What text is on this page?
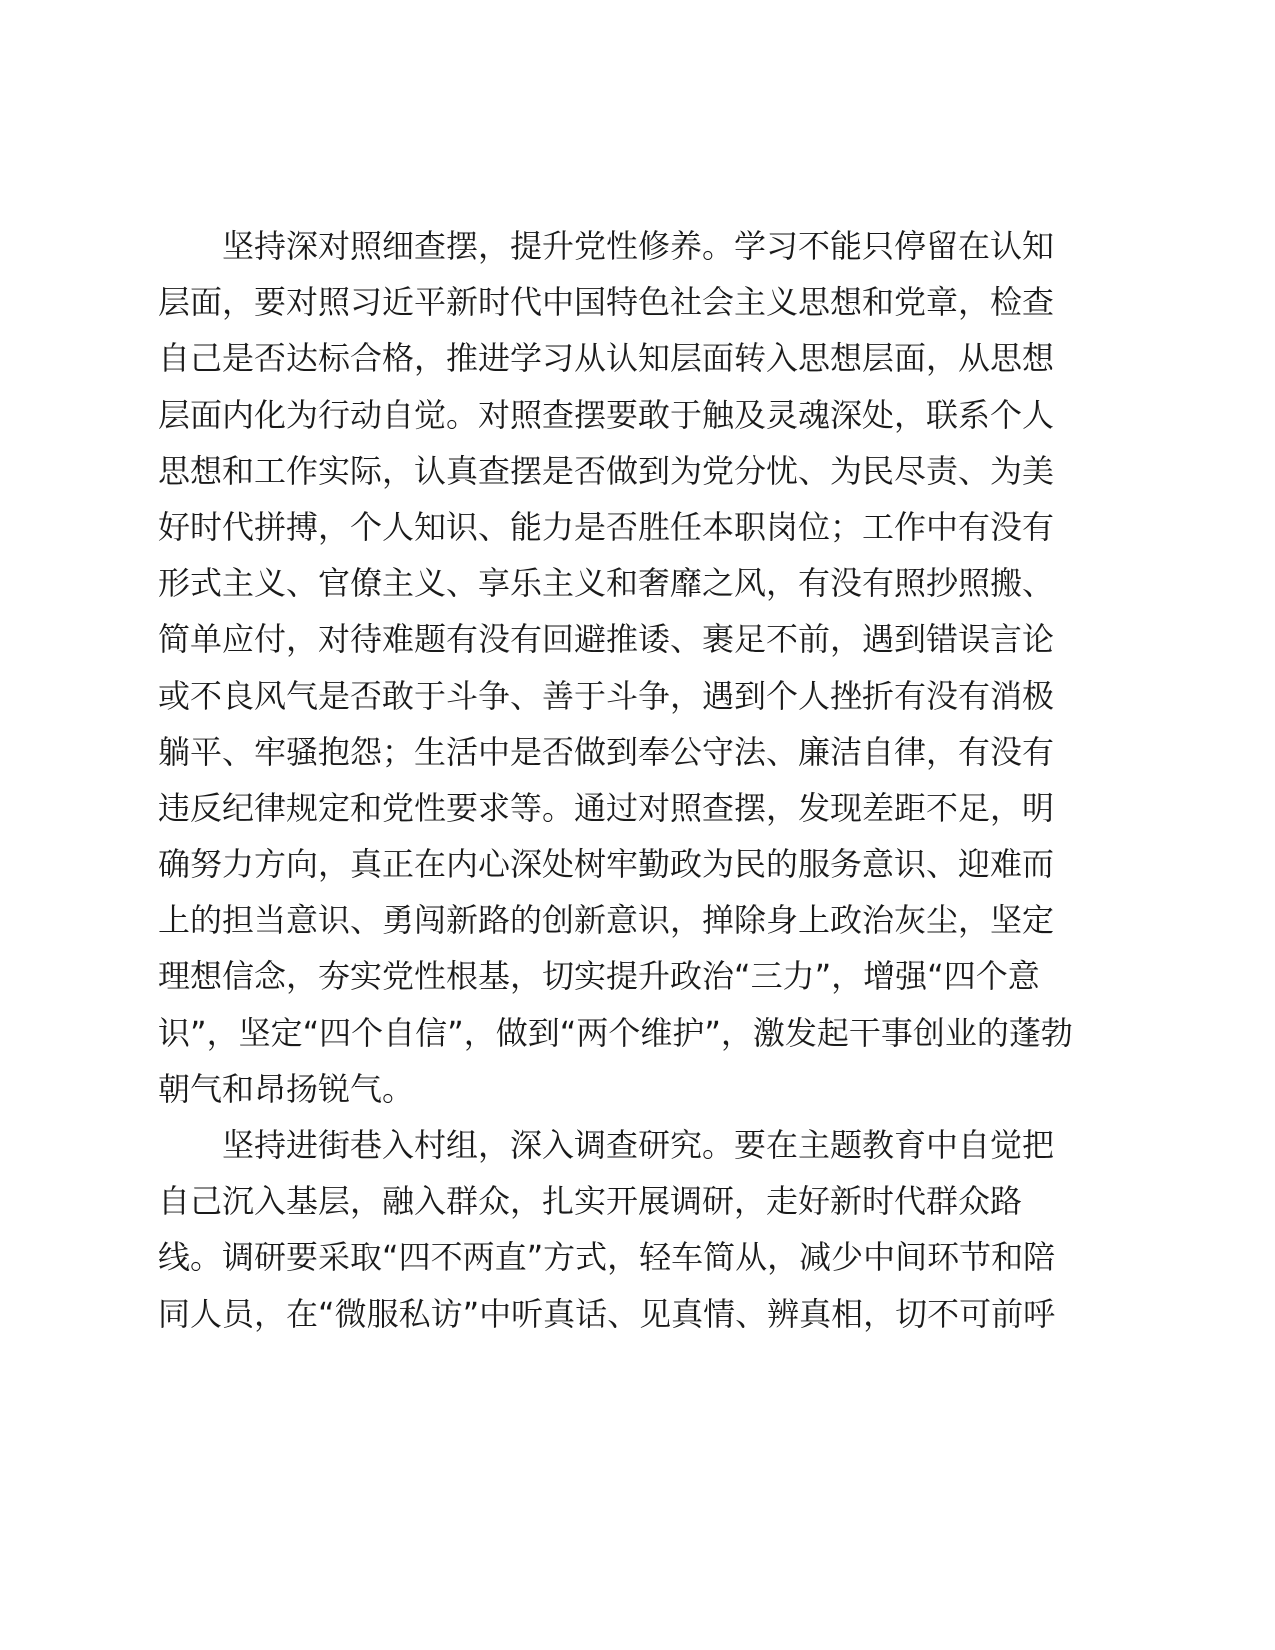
坚持深对照细查摆，提升党性修养。学习不能只停留在认知
层面，要对照习近平新时代中国特色社会主义思想和党章，检查
自己是否达标合格，推进学习从认知层面转入思想层面，从思想
层面内化为行动自觉。对照查摆要敢于触及灵魂深处，联系个人
思想和工作实际，认真查摆是否做到为党分忧、为民尽责、为美
好时代拼搏，个人知识、能力是否胜任本职岗位；工作中有没有
形式主义、官僚主义、享乐主义和奢靡之风，有没有照抄照搬、
简单应付，对待难题有没有回避推诿、裹足不前，遇到错误言论
或不良风气是否敢于斗争、善于斗争，遇到个人挫折有没有消极
躺平、牢骚抱怨；生活中是否做到奉公守法、廉洁自律，有没有
违反纪律规定和党性要求等。通过对照查摆，发现差距不足，明
确努力方向，真正在内心深处树牢勤政为民的服务意识、迎难而
上的担当意识、勇闯新路的创新意识，掸除身上政治灰尘，坚定
理想信念，夯实党性根基，切实提升政治“三力”，增强“四个意
识”，坚定“四个自信”，做到“两个维护”，激发起干事创业的蓬勃
朝气和昂扬锐气。
坚持进街巷入村组，深入调查研究。要在主题教育中自觉把
自己沉入基层，融入群众，扎实开展调研，走好新时代群众路
线。调研要采取“四不两直”方式，轻车简从，减少中间环节和陪
同人员，在“微服私访”中听真话、见真情、辨真相，切不可前呼
